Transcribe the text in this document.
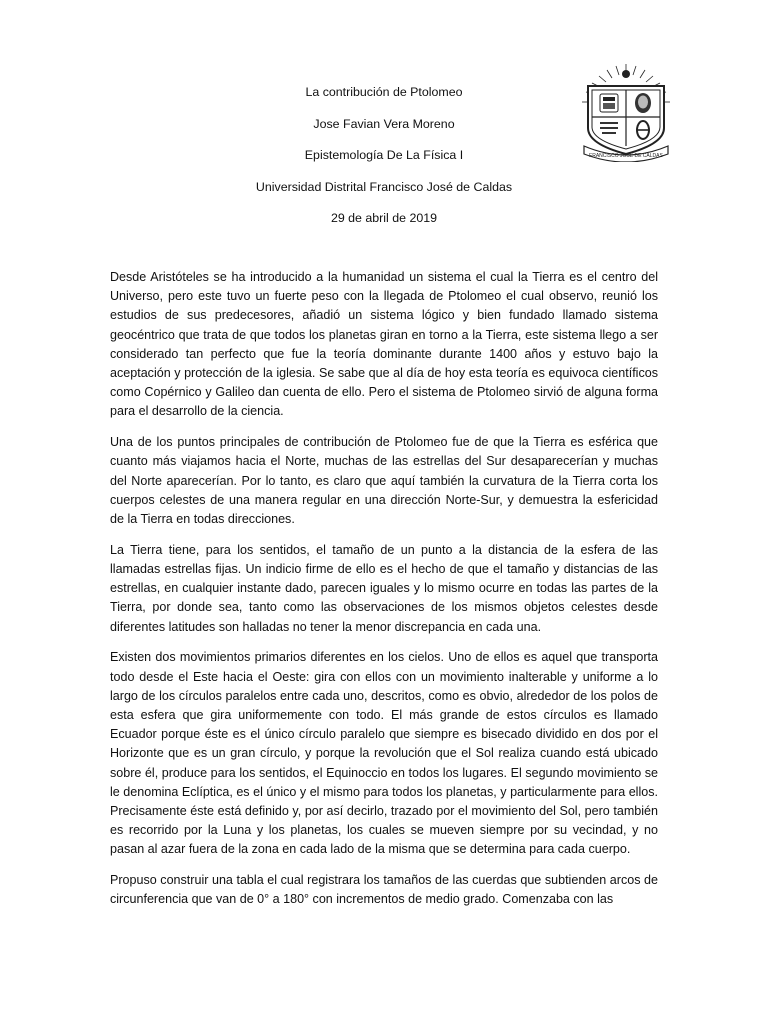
La contribución de Ptolomeo
Jose Favian Vera Moreno
Epistemología De La Física I
Universidad Distrital Francisco José de Caldas
29 de abril de 2019
FRANCISCO JOSÉ DE CALDAS

Desde Aristóteles se ha introducido a la humanidad un sistema el cual la Tierra es el centro del Universo, pero este tuvo un fuerte peso con la llegada de Ptolomeo el cual observo, reunió los estudios de sus predecesores, añadió un sistema lógico y bien fundado llamado sistema geocéntrico que trata de que todos los planetas giran en torno a la Tierra, este sistema llego a ser considerado tan perfecto que fue la teoría dominante durante 1400 años y estuvo bajo la aceptación y protección de la iglesia. Se sabe que al día de hoy esta teoría es equivoca científicos como Copérnico y Galileo dan cuenta de ello. Pero el sistema de Ptolomeo sirvió de alguna forma para el desarrollo de la ciencia.

Una de los puntos principales de contribución de Ptolomeo fue de que la Tierra es esférica que cuanto más viajamos hacia el Norte, muchas de las estrellas del Sur desaparecerían y muchas del Norte aparecerían. Por lo tanto, es claro que aquí también la curvatura de la Tierra corta los cuerpos celestes de una manera regular en una dirección Norte-Sur, y demuestra la esfericidad de la Tierra en todas direcciones.

La Tierra tiene, para los sentidos, el tamaño de un punto a la distancia de la esfera de las llamadas estrellas fijas. Un indicio firme de ello es el hecho de que el tamaño y distancias de las estrellas, en cualquier instante dado, parecen iguales y lo mismo ocurre en todas las partes de la Tierra, por donde sea, tanto como las observaciones de los mismos objetos celestes desde diferentes latitudes son halladas no tener la menor discrepancia en cada una.

Existen dos movimientos primarios diferentes en los cielos. Uno de ellos es aquel que transporta todo desde el Este hacia el Oeste: gira con ellos con un movimiento inalterable y uniforme a lo largo de los círculos paralelos entre cada uno, descritos, como es obvio, alrededor de los polos de esta esfera que gira uniformemente con todo. El más grande de estos círculos es llamado Ecuador porque éste es el único círculo paralelo que siempre es bisecado dividido en dos por el Horizonte que es un gran círculo, y porque la revolución que el Sol realiza cuando está ubicado sobre él, produce para los sentidos, el Equinoccio en todos los lugares. El segundo movimiento se le denomina Eclíptica, es el único y el mismo para todos los planetas, y particularmente para ellos. Precisamente éste está definido y, por así decirlo, trazado por el movimiento del Sol, pero también es recorrido por la Luna y los planetas, los cuales se mueven siempre por su vecindad, y no pasan al azar fuera de la zona en cada lado de la misma que se determina para cada cuerpo.

Propuso construir una tabla el cual registrara los tamaños de las cuerdas que subtienden arcos de circunferencia que van de 0° a 180° con incrementos de medio grado. Comenzaba con las
